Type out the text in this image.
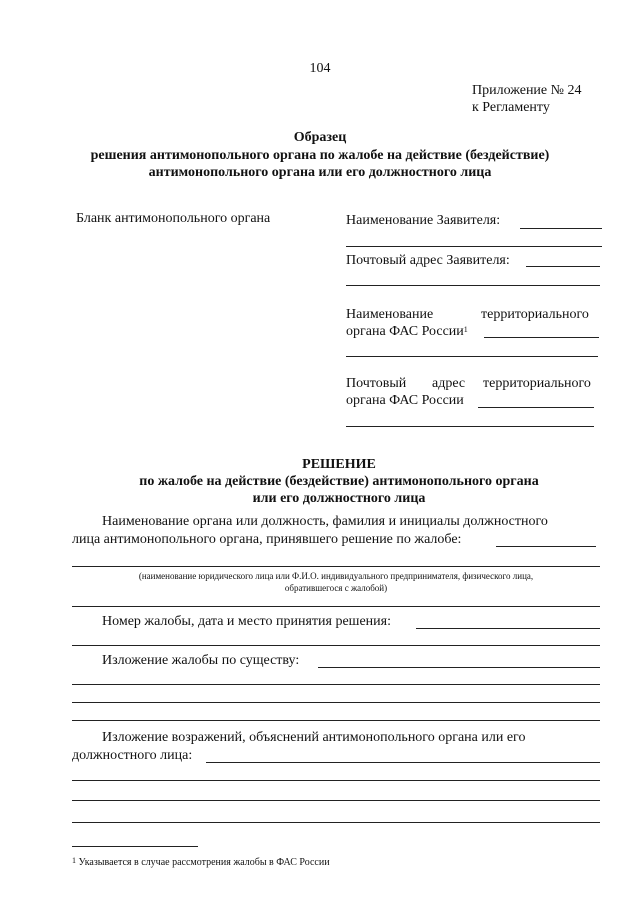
104
Приложение № 24
к Регламенту
Образец
решения антимонопольного органа по жалобе на действие (бездействие)
антимонопольного органа или его должностного лица
Бланк антимонопольного органа	Наименование Заявителя:
Почтовый адрес Заявителя:
Наименование	территориального
органа ФАС России$^1$
Почтовый адрес территориального
органа ФАС России
РЕШЕНИЕ
по жалобе на действие (бездействие) антимонопольного органа
или его должностного лица
Наименование органа или должность, фамилия и инициалы должностного
лица антимонопольного органа, принявшего решение по жалобе:
(наименование юридического лица или Ф.И.О. индивидуального предпринимателя, физического лица,
обратившегося с жалобой)
Номер жалобы, дата и место принятия решения:
Изложение жалобы по существу:
Изложение возражений, объяснений антимонопольного органа или его
должностного лица:
$^1$ Указывается в случае рассмотрения жалобы в ФАС России
